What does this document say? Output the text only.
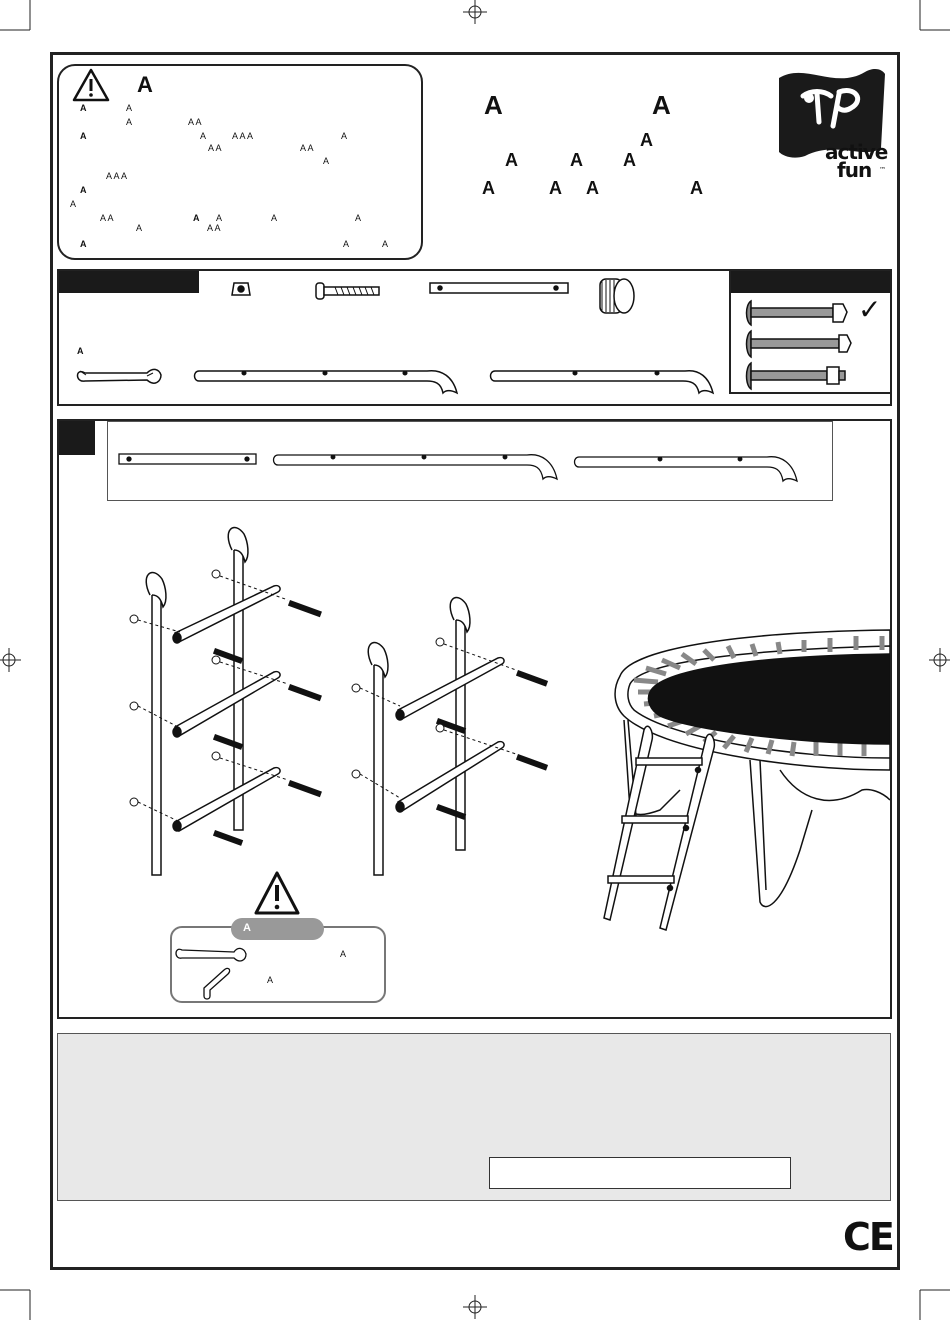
A
A	A
A	A A
A	A	A A A	A
A A	A A
A
A A A
A
A
A A	A A	A	A
A	A A
A	A	A
A	A
A
A	A A
A	A A	A
active
fun ™
A
✓
A
A
A
CE
